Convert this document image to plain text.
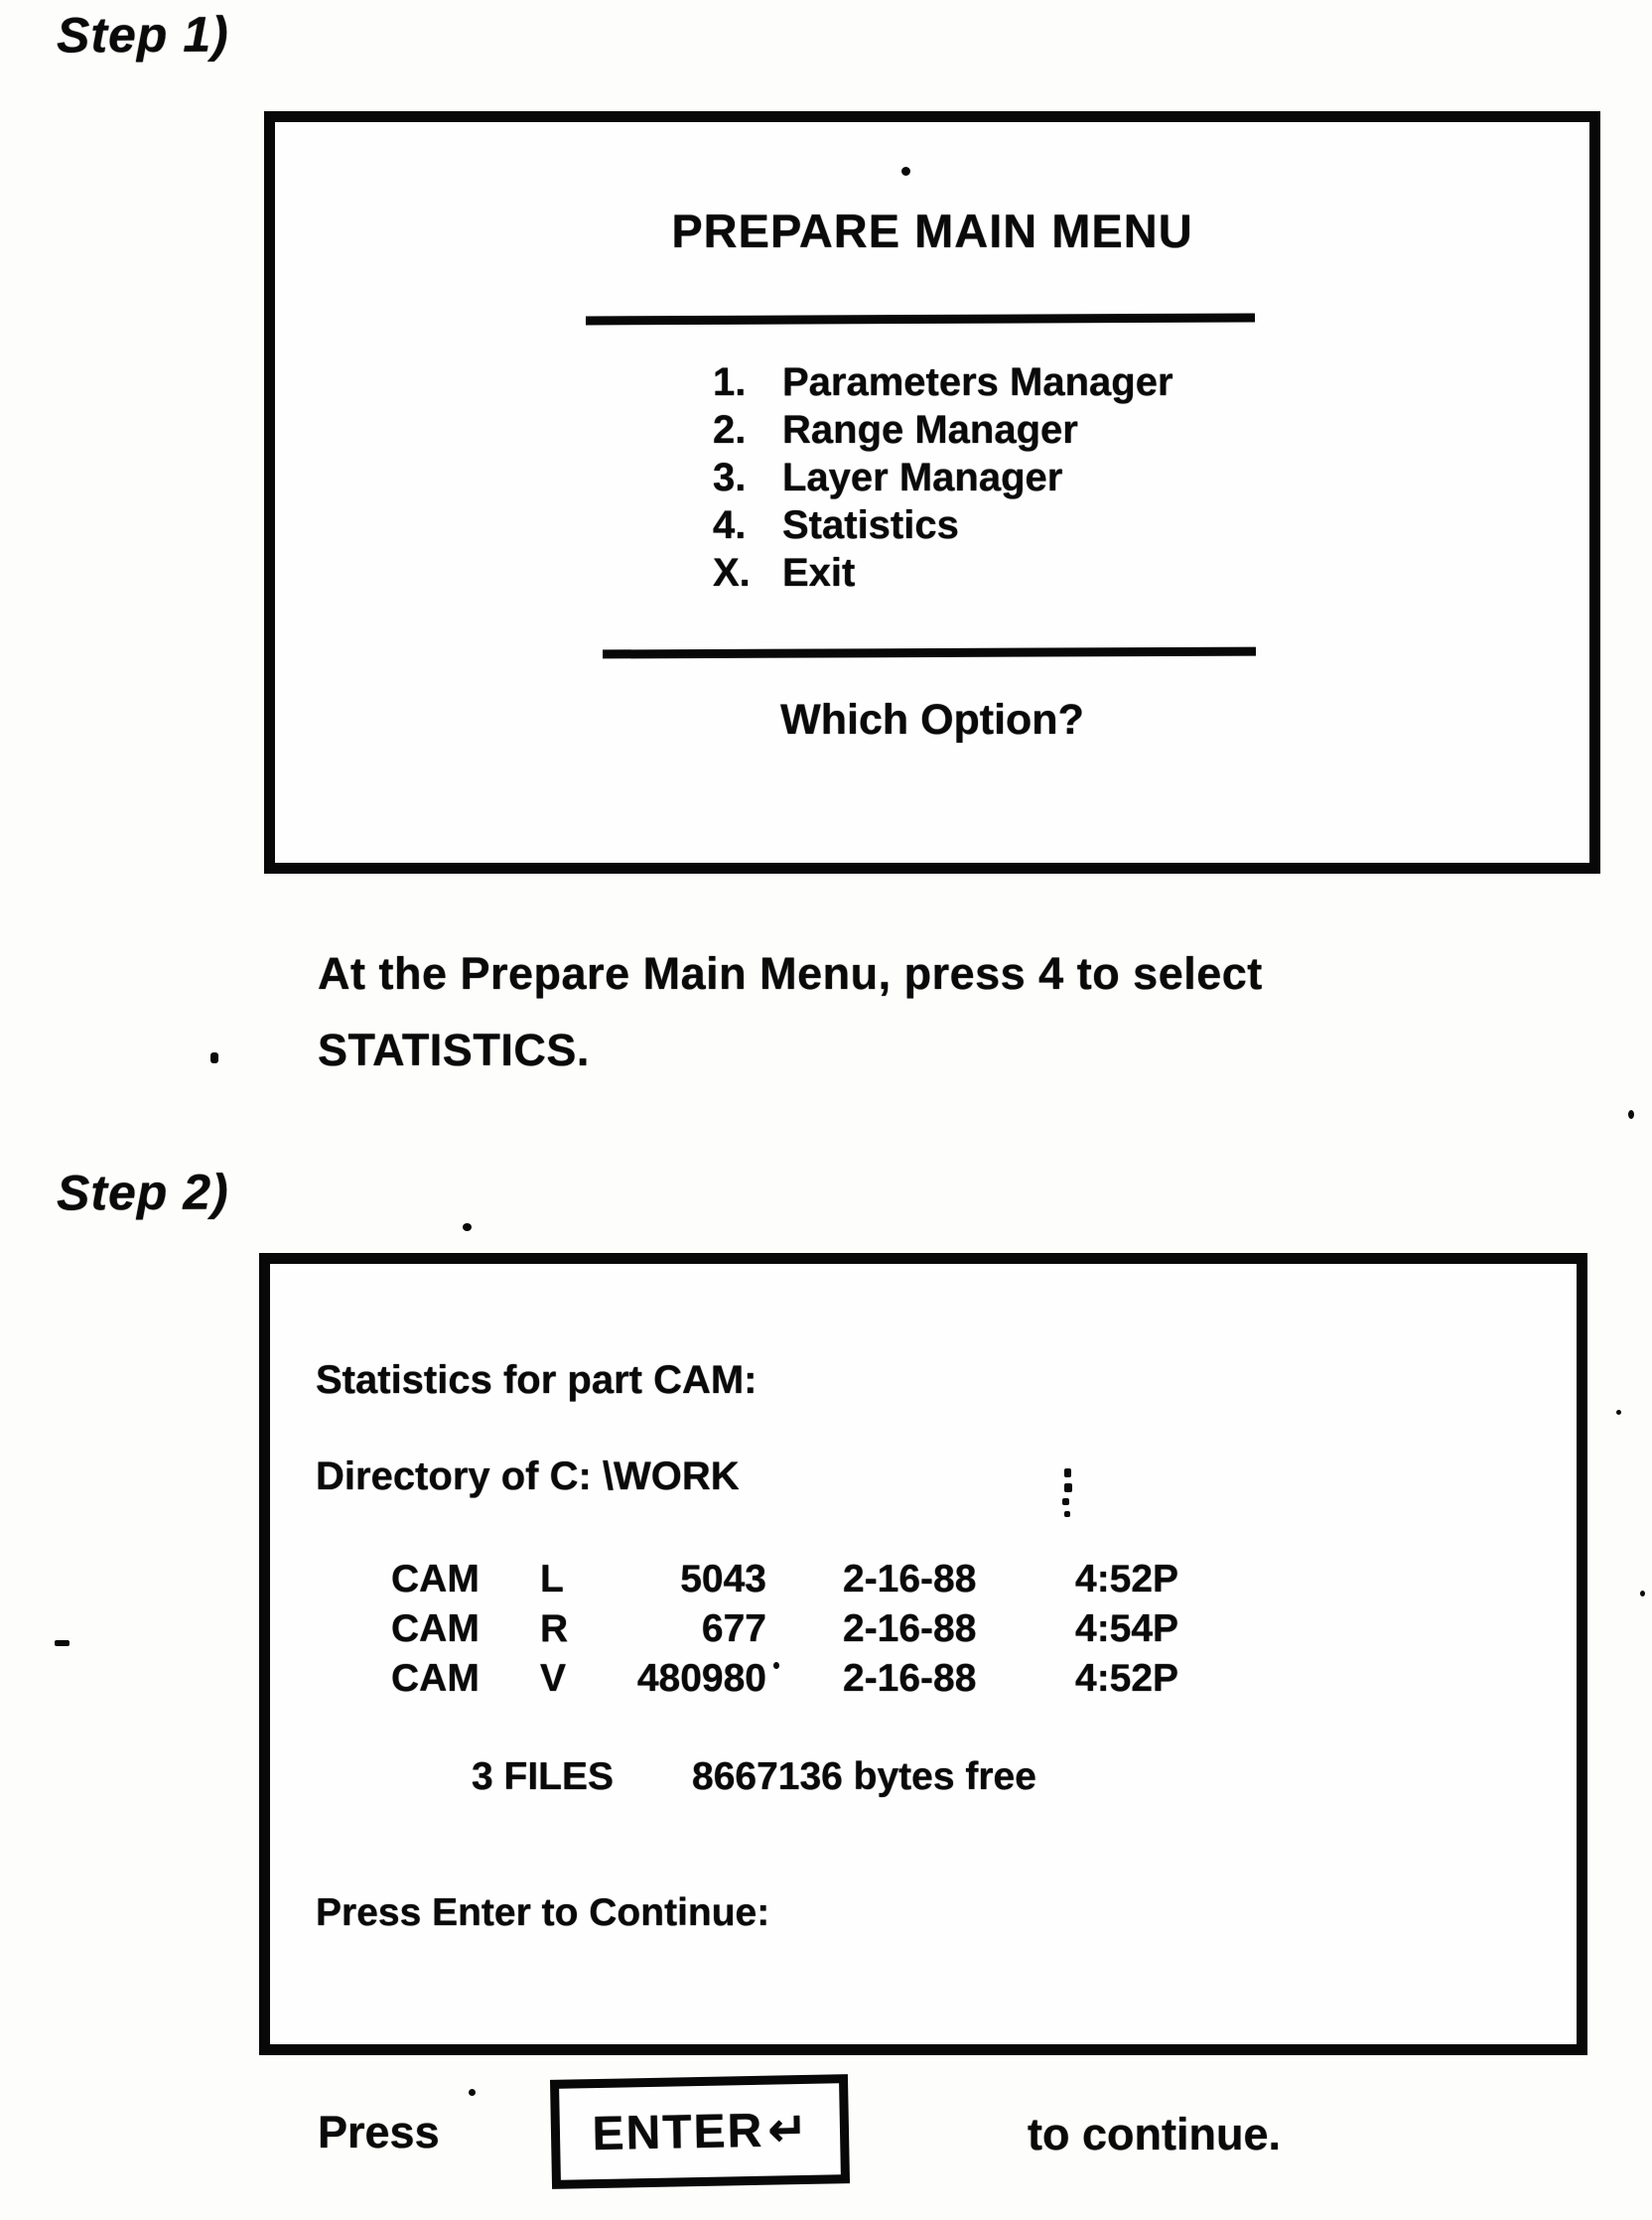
Step 1)
PREPARE MAIN MENU
1. Parameters Manager
2. Range Manager
3. Layer Manager
4. Statistics
X. Exit
Which Option?
At the Prepare Main Menu, press 4 to select
STATISTICS.
Step 2)
Statistics for part CAM:
Directory of C: \WORK
CAM L	5043 2-16-88	4:52P
CAM R	677 2-16-88	4:54P
CAM V	480980 2-16-88	4:52P
3 FILES 8667136 bytes free
Press Enter to Continue:
Press	ENTER ↵	to continue.
